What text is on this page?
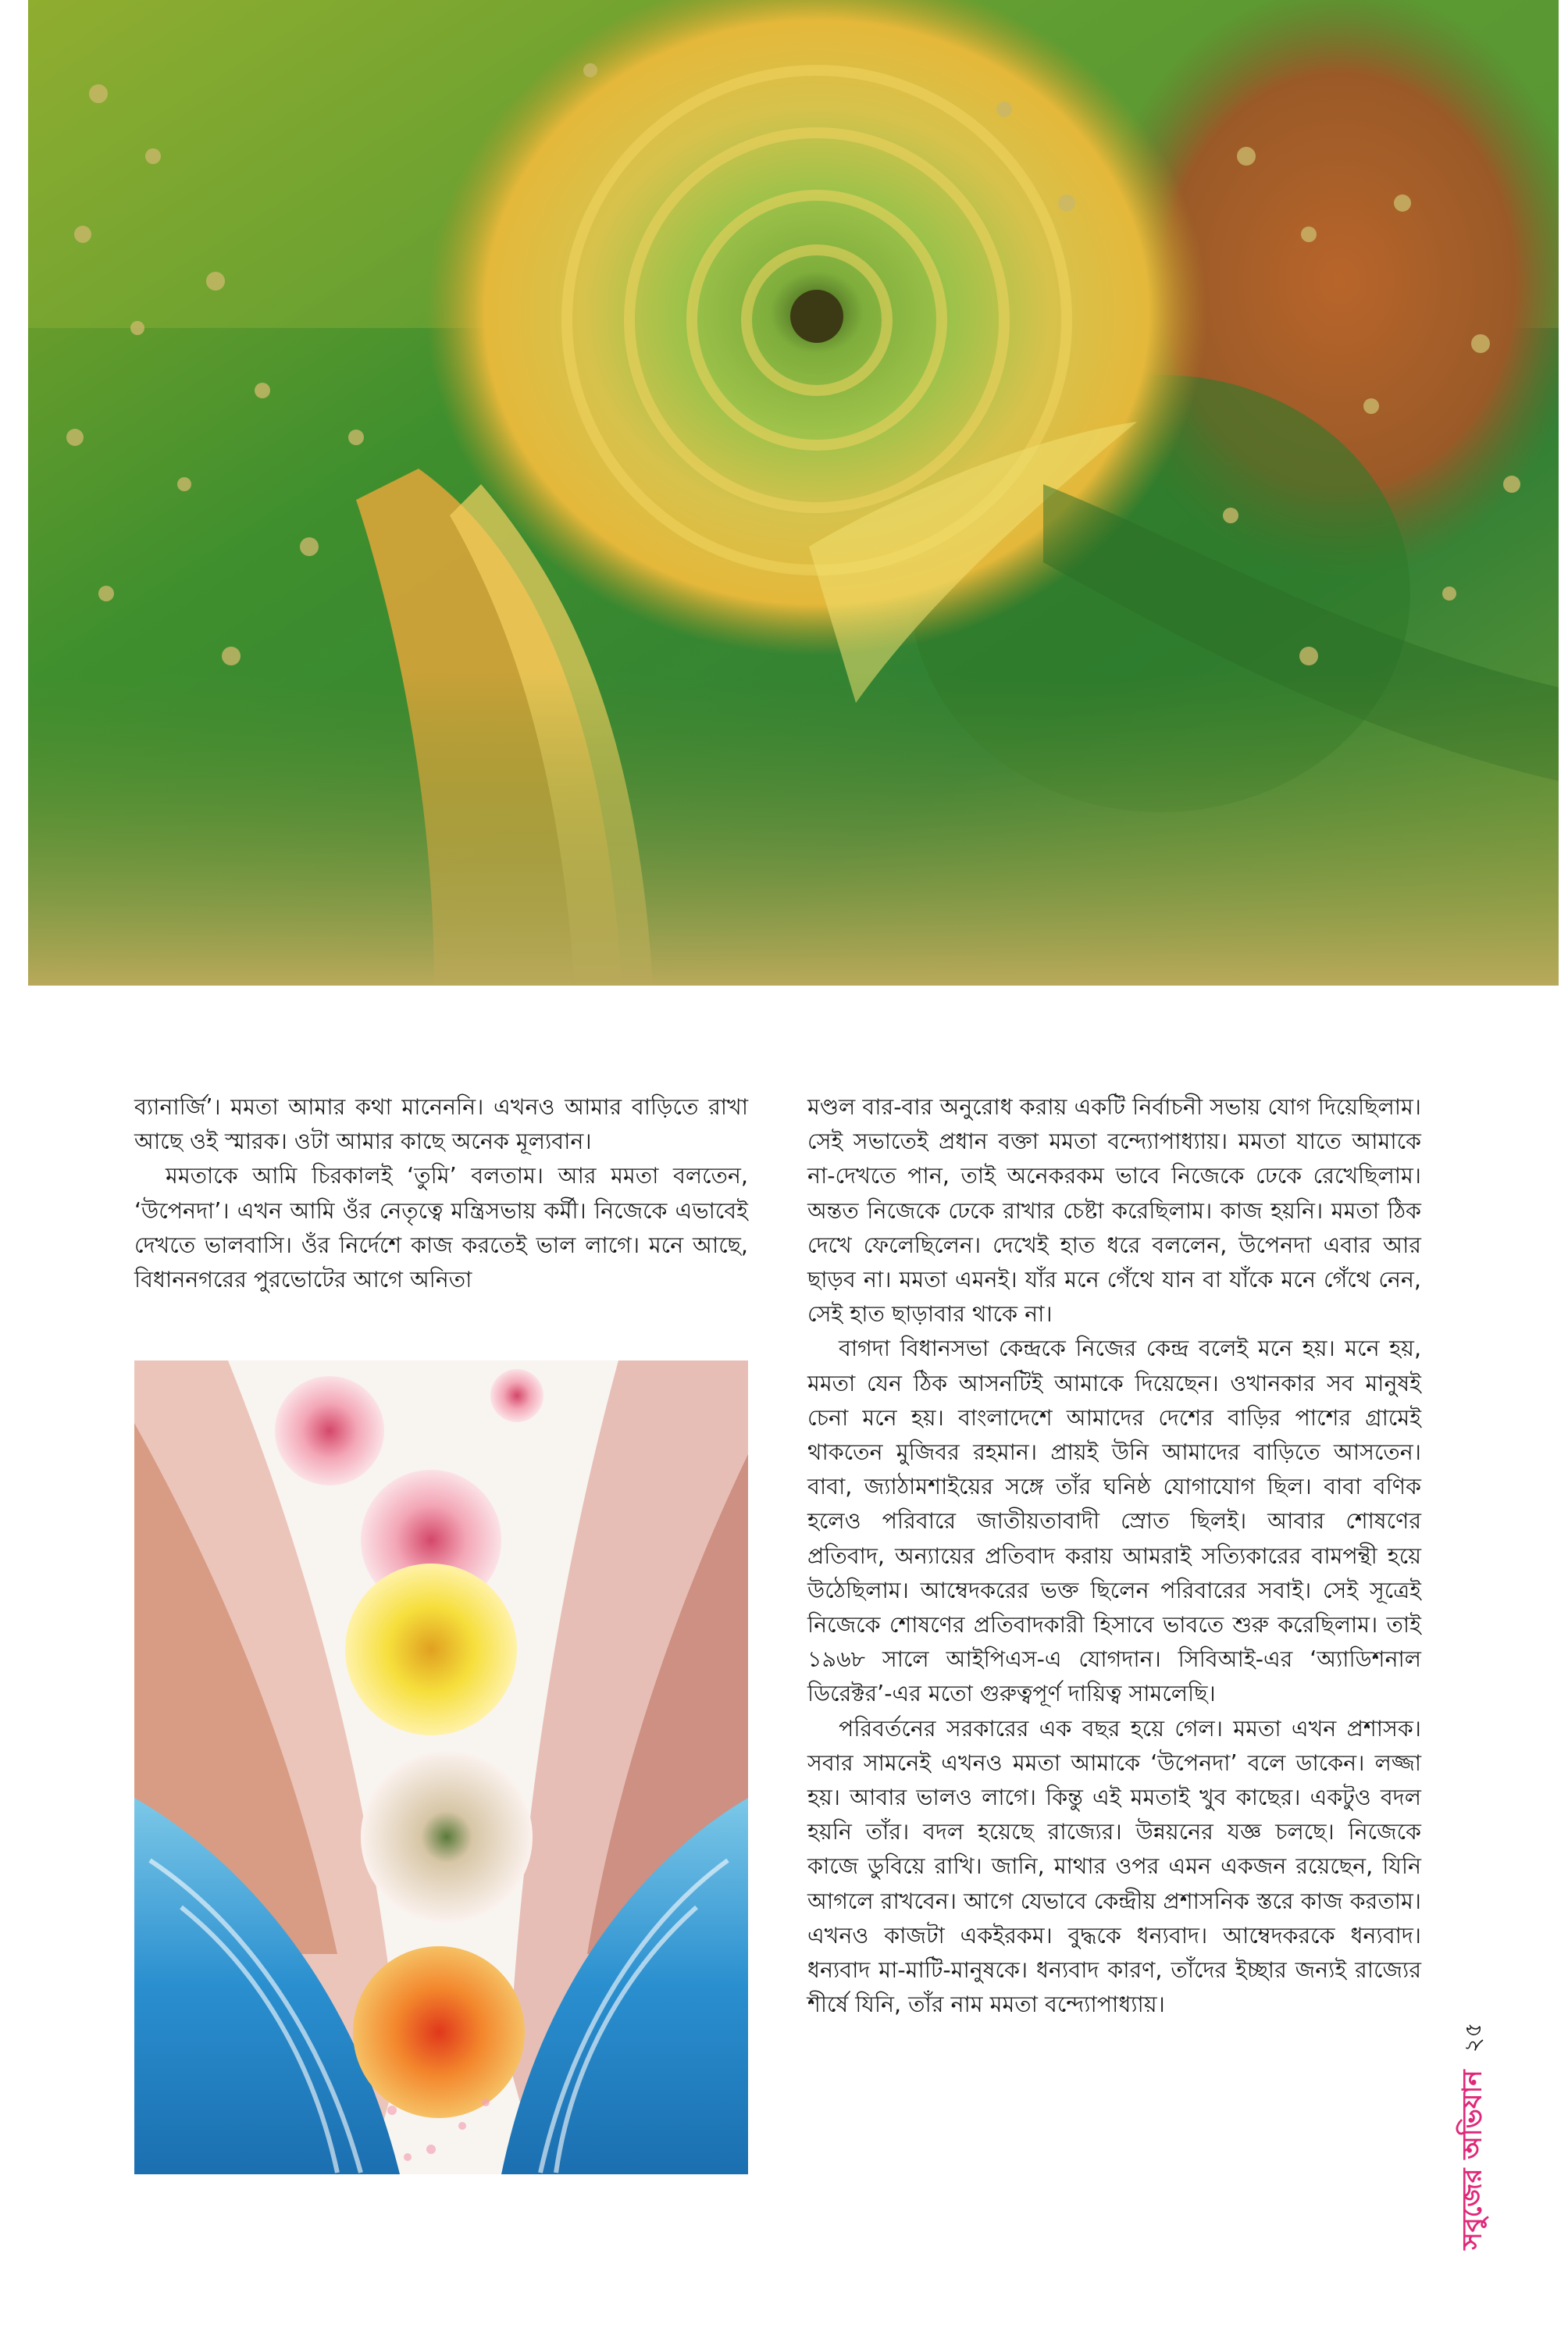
ব্যানার্জি’। মমতা আমার কথা মানেননি। এখনও আমার বাড়িতে রাখা আছে ওই স্মারক। ওটা আমার কাছে অনেক মূল্যবান।

মমতাকে আমি চিরকালই ‘তুমি’ বলতাম। আর মমতা বলতেন, ‘উপেনদা’। এখন আমি ওঁর নেতৃত্বে মন্ত্রিসভায় কর্মী। নিজেকে এভাবেই দেখতে ভালবাসি। ওঁর নির্দেশে কাজ করতেই ভাল লাগে। মনে আছে, বিধাননগরের পুরভোটের আগে অনিতা

মণ্ডল বার-বার অনুরোধ করায় একটি নির্বাচনী সভায় যোগ দিয়েছিলাম। সেই সভাতেই প্রধান বক্তা মমতা বন্দ্যোপাধ্যায়। মমতা যাতে আমাকে না-দেখতে পান, তাই অনেকরকম ভাবে নিজেকে ঢেকে রেখেছিলাম। অন্তত নিজেকে ঢেকে রাখার চেষ্টা করেছিলাম। কাজ হয়নি। মমতা ঠিক দেখে ফেলেছিলেন। দেখেই হাত ধরে বললেন, উপেনদা এবার আর ছাড়ব না। মমতা এমনই। যাঁর মনে গেঁথে যান বা যাঁকে মনে গেঁথে নেন, সেই হাত ছাড়াবার থাকে না।

বাগদা বিধানসভা কেন্দ্রকে নিজের কেন্দ্র বলেই মনে হয়। মনে হয়, মমতা যেন ঠিক আসনটিই আমাকে দিয়েছেন। ওখানকার সব মানুষই চেনা মনে হয়। বাংলাদেশে আমাদের দেশের বাড়ির পাশের গ্রামেই থাকতেন মুজিবর রহমান। প্রায়ই উনি আমাদের বাড়িতে আসতেন। বাবা, জ্যাঠামশাইয়ের সঙ্গে তাঁর ঘনিষ্ঠ যোগাযোগ ছিল। বাবা বণিক হলেও পরিবারে জাতীয়তাবাদী স্রোত ছিলই। আবার শোষণের প্রতিবাদ, অন্যায়ের প্রতিবাদ করায় আমরাই সত্যিকারের বামপন্থী হয়ে উঠেছিলাম। আম্বেদকরের ভক্ত ছিলেন পরিবারের সবাই। সেই সূত্রেই নিজেকে শোষণের প্রতিবাদকারী হিসাবে ভাবতে শুরু করেছিলাম। তাই ১৯৬৮ সালে আইপিএস-এ যোগদান। সিবিআই-এর ‘অ্যাডিশনাল ডিরেক্টর’-এর মতো গুরুত্বপূর্ণ দায়িত্ব সামলেছি।

পরিবর্তনের সরকারের এক বছর হয়ে গেল। মমতা এখন প্রশাসক। সবার সামনেই এখনও মমতা আমাকে ‘উপেনদা’ বলে ডাকেন। লজ্জা হয়। আবার ভালও লাগে। কিন্তু এই মমতাই খুব কাছের। একটুও বদল হয়নি তাঁর। বদল হয়েছে রাজ্যের। উন্নয়নের যজ্ঞ চলছে। নিজেকে কাজে ডুবিয়ে রাখি। জানি, মাথার ওপর এমন একজন রয়েছেন, যিনি আগলে রাখবেন। আগে যেভাবে কেন্দ্রীয় প্রশাসনিক স্তরে কাজ করতাম। এখনও কাজটা একইরকম। বুদ্ধকে ধন্যবাদ। আম্বেদকরকে ধন্যবাদ। ধন্যবাদ মা-মাটি-মানুষকে। ধন্যবাদ কারণ, তাঁদের ইচ্ছার জন্যই রাজ্যের শীর্ষে যিনি, তাঁর নাম মমতা বন্দ্যোপাধ্যায়।

সবুজের অভিযান
২৫
